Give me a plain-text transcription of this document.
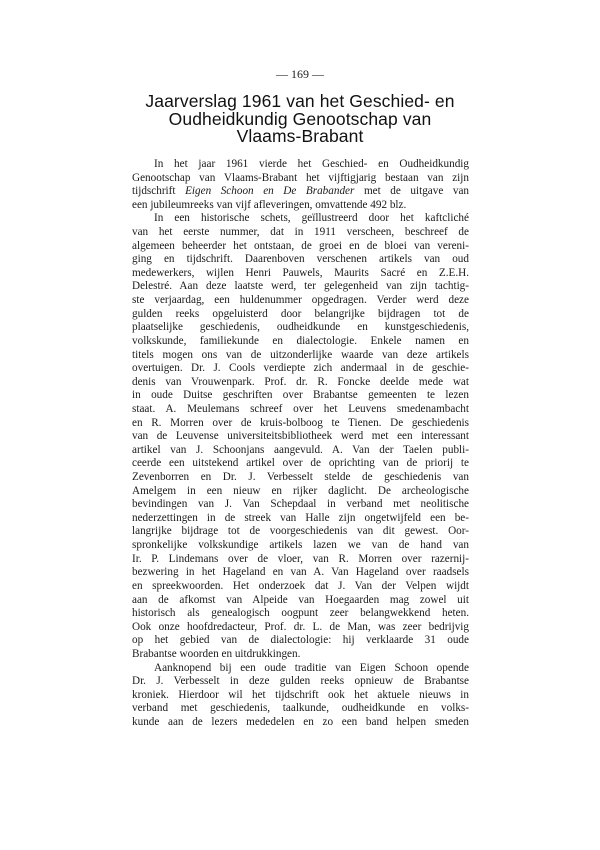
— 169 —
Jaarverslag 1961 van het Geschied- en
Oudheidkundig Genootschap van
Vlaams-Brabant
In het jaar 1961 vierde het Geschied- en Oudheidkundig
Genootschap van Vlaams-Brabant het vijftigjarig bestaan van zijn
tijdschrift Eigen Schoon en De Brabander met de uitgave van
een jubileumreeks van vijf afleveringen, omvattende 492 blz.
In een historische schets, geïllustreerd door het kaftcliché
van het eerste nummer, dat in 1911 verscheen, beschreef de
algemeen beheerder het ontstaan, de groei en de bloei van vereni-
ging en tijdschrift. Daarenboven verschenen artikels van oud
medewerkers, wijlen Henri Pauwels, Maurits Sacré en Z.E.H.
Delestré. Aan deze laatste werd, ter gelegenheid van zijn tachtig-
ste verjaardag, een huldenummer opgedragen. Verder werd deze
gulden reeks opgeluisterd door belangrijke bijdragen tot de
plaatselijke geschiedenis, oudheidkunde en kunstgeschiedenis,
volkskunde, familiekunde en dialectologie. Enkele namen en
titels mogen ons van de uitzonderlijke waarde van deze artikels
overtuigen. Dr. J. Cools verdiepte zich andermaal in de geschie-
denis van Vrouwenpark. Prof. dr. R. Foncke deelde mede wat
in oude Duitse geschriften over Brabantse gemeenten te lezen
staat. A. Meulemans schreef over het Leuvens smedenambacht
en R. Morren over de kruis-bolboog te Tienen. De geschiedenis
van de Leuvense universiteitsbibliotheek werd met een interessant
artikel van J. Schoonjans aangevuld. A. Van der Taelen publi-
ceerde een uitstekend artikel over de oprichting van de priorij te
Zevenborren en Dr. J. Verbesselt stelde de geschiedenis van
Amelgem in een nieuw en rijker daglicht. De archeologische
bevindingen van J. Van Schepdaal in verband met neolitische
nederzettingen in de streek van Halle zijn ongetwijfeld een be-
langrijke bijdrage tot de voorgeschiedenis van dit gewest. Oor-
spronkelijke volkskundige artikels lazen we van de hand van
Ir. P. Lindemans over de vloer, van R. Morren over razernij-
bezwering in het Hageland en van A. Van Hageland over raadsels
en spreekwoorden. Het onderzoek dat J. Van der Velpen wijdt
aan de afkomst van Alpeide van Hoegaarden mag zowel uit
historisch als genealogisch oogpunt zeer belangwekkend heten.
Ook onze hoofdredacteur, Prof. dr. L. de Man, was zeer bedrijvig
op het gebied van de dialectologie: hij verklaarde 31 oude
Brabantse woorden en uitdrukkingen.
Aanknopend bij een oude traditie van Eigen Schoon opende
Dr. J. Verbesselt in deze gulden reeks opnieuw de Brabantse
kroniek. Hierdoor wil het tijdschrift ook het aktuele nieuws in
verband met geschiedenis, taalkunde, oudheidkunde en volks-
kunde aan de lezers mededelen en zo een band helpen smeden
